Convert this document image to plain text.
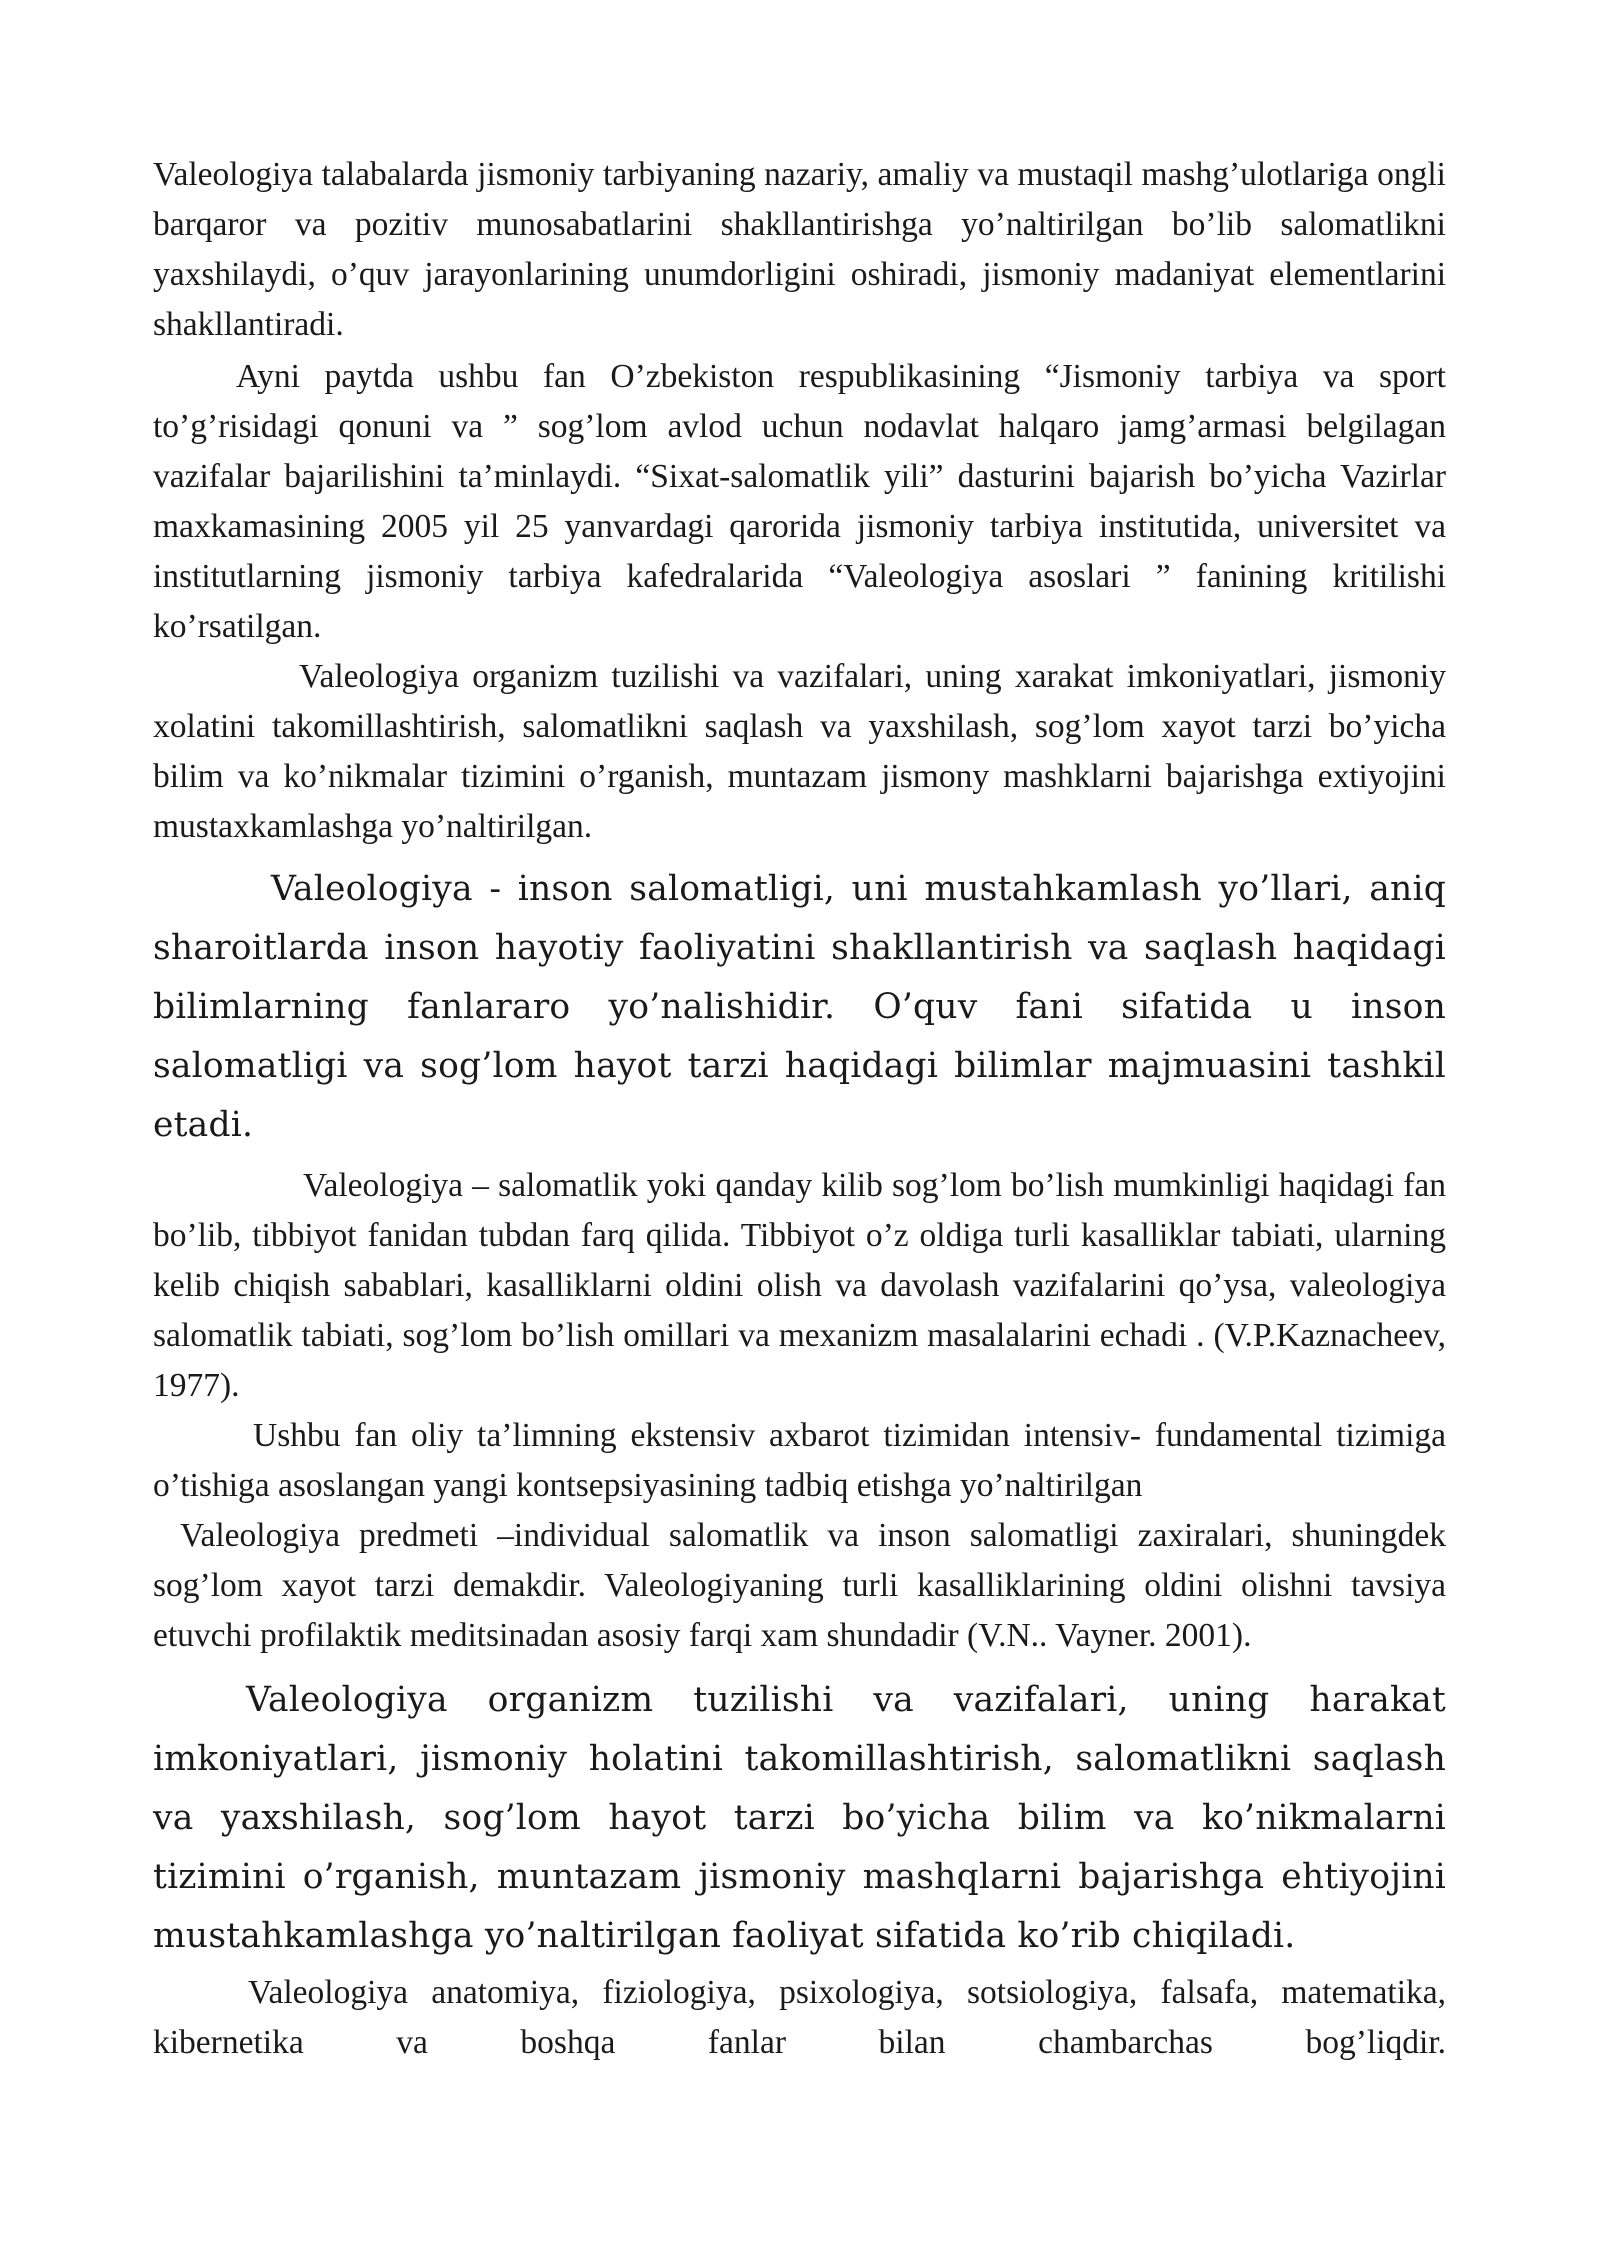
Valeologiya talabalarda jismoniy tarbiyaning nazariy, amaliy va mustaqil mashg’ulotlariga ongli barqaror va pozitiv munosabatlarini shakllantirishga yo’naltirilgan bo’lib salomatlikni yaxshilaydi, o’quv jarayonlarining unumdorligini oshiradi, jismoniy madaniyat elementlarini shakllantiradi.

Ayni paytda ushbu fan O’zbekiston respublikasining “Jismoniy tarbiya va sport to’g’risidagi qonuni va ” sog’lom avlod uchun nodavlat halqaro jamg’armasi belgilagan vazifalar bajarilishini ta’minlaydi. “Sixat-salomatlik yili” dasturini bajarish bo’yicha Vazirlar maxkamasining 2005 yil 25 yanvardagi qarorida jismoniy tarbiya institutida, universitet va institutlarning jismoniy tarbiya kafedralarida “Valeologiya asoslari ” fanining kritilishi ko’rsatilgan.

Valeologiya organizm tuzilishi va vazifalari, uning xarakat imkoniyatlari, jismoniy xolatini takomillashtirish, salomatlikni saqlash va yaxshilash, sog’lom xayot tarzi bo’yicha bilim va ko’nikmalar tizimini o’rganish, muntazam jismony mashklarni bajarishga extiyojini mustaxkamlashga yo’naltirilgan.

Valeologiya - inson salomatligi, uni mustahkamlash yo’llari, aniq sharoitlarda inson hayotiy faoliyatini shakllantirish va saqlash haqidagi bilimlarning fanlararo yo’nalishidir. O’quv fani sifatida u inson salomatligi va sog’lom hayot tarzi haqidagi bilimlar majmuasini tashkil etadi.

Valeologiya – salomatlik yoki qanday kilib sog’lom bo’lish mumkinligi haqidagi fan bo’lib, tibbiyot fanidan tubdan farq qilida. Tibbiyot o’z oldiga turli kasalliklar tabiati, ularning kelib chiqish sabablari, kasalliklarni oldini olish va davolash vazifalarini qo’ysa, valeologiya salomatlik tabiati, sog’lom bo’lish omillari va mexanizm masalalarini echadi . (V.P.Kaznacheev, 1977).

Ushbu fan oliy ta’limning ekstensiv axbarot tizimidan intensiv- fundamental tizimiga o’tishiga asoslangan yangi kontsepsiyasining tadbiq etishga yo’naltirilgan

Valeologiya predmeti –individual salomatlik va inson salomatligi zaxiralari, shuningdek sog’lom xayot tarzi demakdir. Valeologiyaning turli kasalliklarining oldini olishni tavsiya etuvchi profilaktik meditsinadan asosiy farqi xam shundadir (V.N.. Vayner. 2001).

Valeologiya organizm tuzilishi va vazifalari, uning harakat imkoniyatlari, jismoniy holatini takomillashtirish, salomatlikni saqlash va yaxshilash, sog’lom hayot tarzi bo’yicha bilim va ko’nikmalarni tizimini o’rganish, muntazam jismoniy mashqlarni bajarishga ehtiyojini mustahkamlashga yo’naltirilgan faoliyat sifatida ko’rib chiqiladi.

Valeologiya anatomiya, fiziologiya, psixologiya, sotsiologiya, falsafa, matematika, kibernetika va boshqa fanlar bilan chambarchas bog’liqdir.
